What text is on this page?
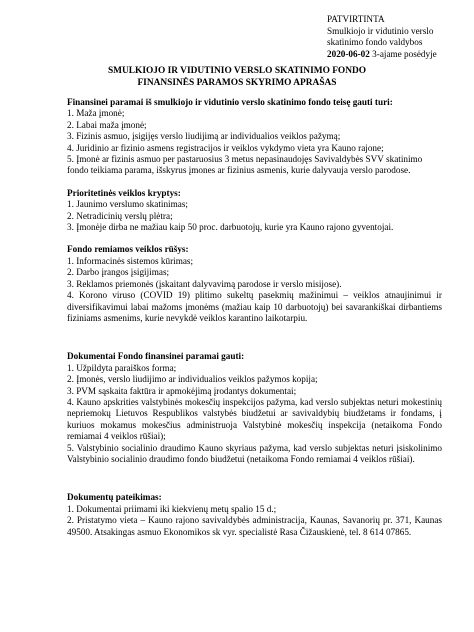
PATVIRTINTA
Smulkiojo ir vidutinio verslo
skatinimo fondo valdybos
2020-06-02 3-ajame posėdyje
SMULKIOJO IR VIDUTINIO VERSLO SKATINIMO FONDO
FINANSINĖS PARAMOS SKYRIMO APRAŠAS

Finansinei paramai iš smulkiojo ir vidutinio verslo skatinimo fondo teisę gauti turi:

1. Maža įmonė;

2. Labai maža įmonė;

3. Fizinis asmuo, įsigijęs verslo liudijimą ar individualios veiklos pažymą;

4. Juridinio ar fizinio asmens registracijos ir veiklos vykdymo vieta yra Kauno rajone;

5. Įmonė ar fizinis asmuo per pastaruosius 3 metus nepasinaudojęs Savivaldybės SVV skatinimo fondo teikiama parama, išskyrus įmones ar fizinius asmenis, kurie dalyvauja verslo parodose.

Prioritetinės veiklos kryptys:

1. Jaunimo verslumo skatinimas;

2. Netradicinių verslų plėtra;

3. Įmonėje dirba ne mažiau kaip 50 proc. darbuotojų, kurie yra Kauno rajono gyventojai.

Fondo remiamos veiklos rūšys:

1. Informacinės sistemos kūrimas;

2. Darbo įrangos įsigijimas;

3. Reklamos priemonės (įskaitant dalyvavimą parodose ir verslo misijose).

4. Korono viruso (COVID 19) plitimo sukeltų pasekmių mažinimui – veiklos atnaujinimui ir diversifikavimui labai mažoms įmonėms (mažiau kaip 10 darbuotojų) bei savarankiškai dirbantiems fiziniams asmenims, kurie nevykdė veiklos karantino laikotarpiu.

Dokumentai Fondo finansinei paramai gauti:

1. Užpildyta paraiškos forma;

2. Įmonės, verslo liudijimo ar individualios veiklos pažymos kopija;

3. PVM sąskaita faktūra ir apmokėjimą įrodantys dokumentai;

4. Kauno apskrities valstybinės mokesčių inspekcijos pažyma, kad verslo subjektas neturi mokestinių nepriemokų Lietuvos Respublikos valstybės biudžetui ar savivaldybių biudžetams ir fondams, į kuriuos mokamus mokesčius administruoja Valstybinė mokesčių inspekcija (netaikoma Fondo remiamai 4 veiklos rūšiai);

5. Valstybinio socialinio draudimo Kauno skyriaus pažyma, kad verslo subjektas neturi įsiskolinimo Valstybinio socialinio draudimo fondo biudžetui (netaikoma Fondo remiamai 4 veiklos rūšiai).

Dokumentų pateikimas:

1. Dokumentai priimami iki kiekvienų metų spalio 15 d.;

2. Pristatymo vieta – Kauno rajono savivaldybės administracija, Kaunas, Savanorių pr. 371, Kaunas 49500. Atsakingas asmuo Ekonomikos sk vyr. specialistė Rasa Čižauskienė, tel. 8 614 07865.
